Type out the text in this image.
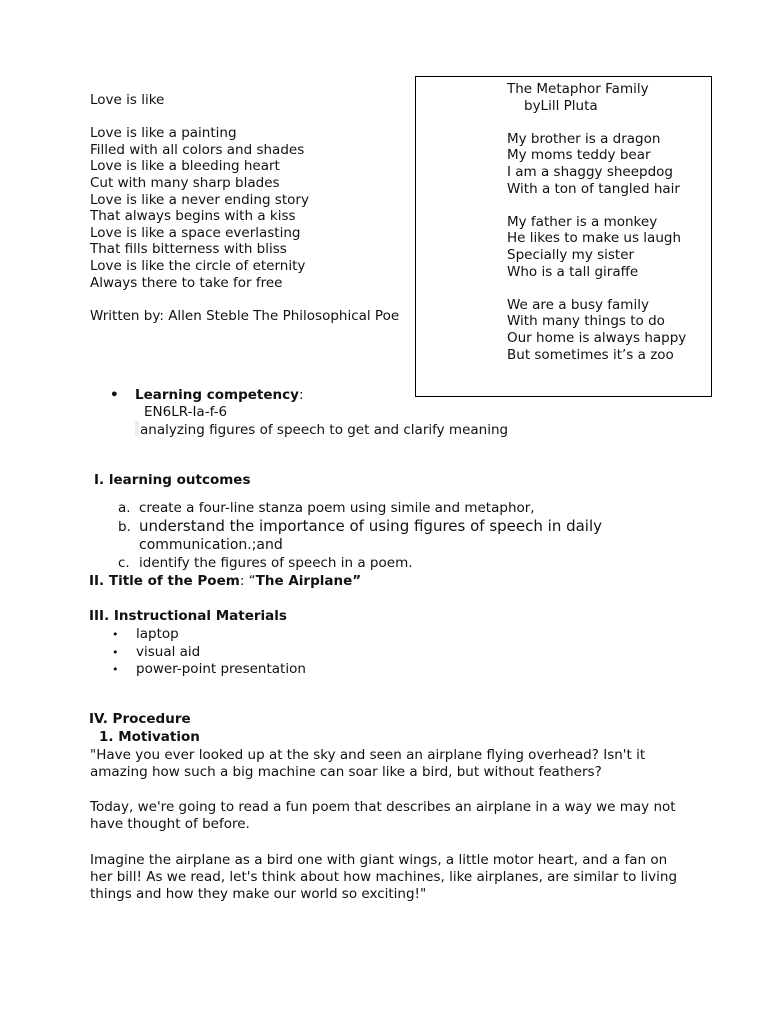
Love is like
Love is like a painting
Filled with all colors and shades
Love is like a bleeding heart
Cut with many sharp blades
Love is like a never ending story
That always begins with a kiss
Love is like a space everlasting
That fills bitterness with bliss
Love is like the circle of eternity
Always there to take for free
Written by: Allen Steble The Philosophical Poe
The Metaphor Family
byLill Pluta
My brother is a dragon
My moms teddy bear
I am a shaggy sheepdog
With a ton of tangled hair
My father is a monkey
He likes to make us laugh
Specially my sister
Who is a tall giraffe
We are a busy family
With many things to do
Our home is always happy
But sometimes it’s a zoo
• Learning competency:
EN6LR-Ia-f-6
analyzing figures of speech to get and clarify meaning
I. learning outcomes
a. create a four-line stanza poem using simile and metaphor,
b. understand the importance of using figures of speech in daily
communication.;and
c. identify the figures of speech in a poem.
II. Title of the Poem: “The Airplane”
III. Instructional Materials
• laptop
• visual aid
• power-point presentation
IV. Procedure
1. Motivation
"Have you ever looked up at the sky and seen an airplane flying overhead? Isn't it amazing how such a big machine can soar like a bird, but without feathers?
Today, we're going to read a fun poem that describes an airplane in a way we may not have thought of before.
Imagine the airplane as a bird one with giant wings, a little motor heart, and a fan on her bill! As we read, let's think about how machines, like airplanes, are similar to living things and how they make our world so exciting!"
